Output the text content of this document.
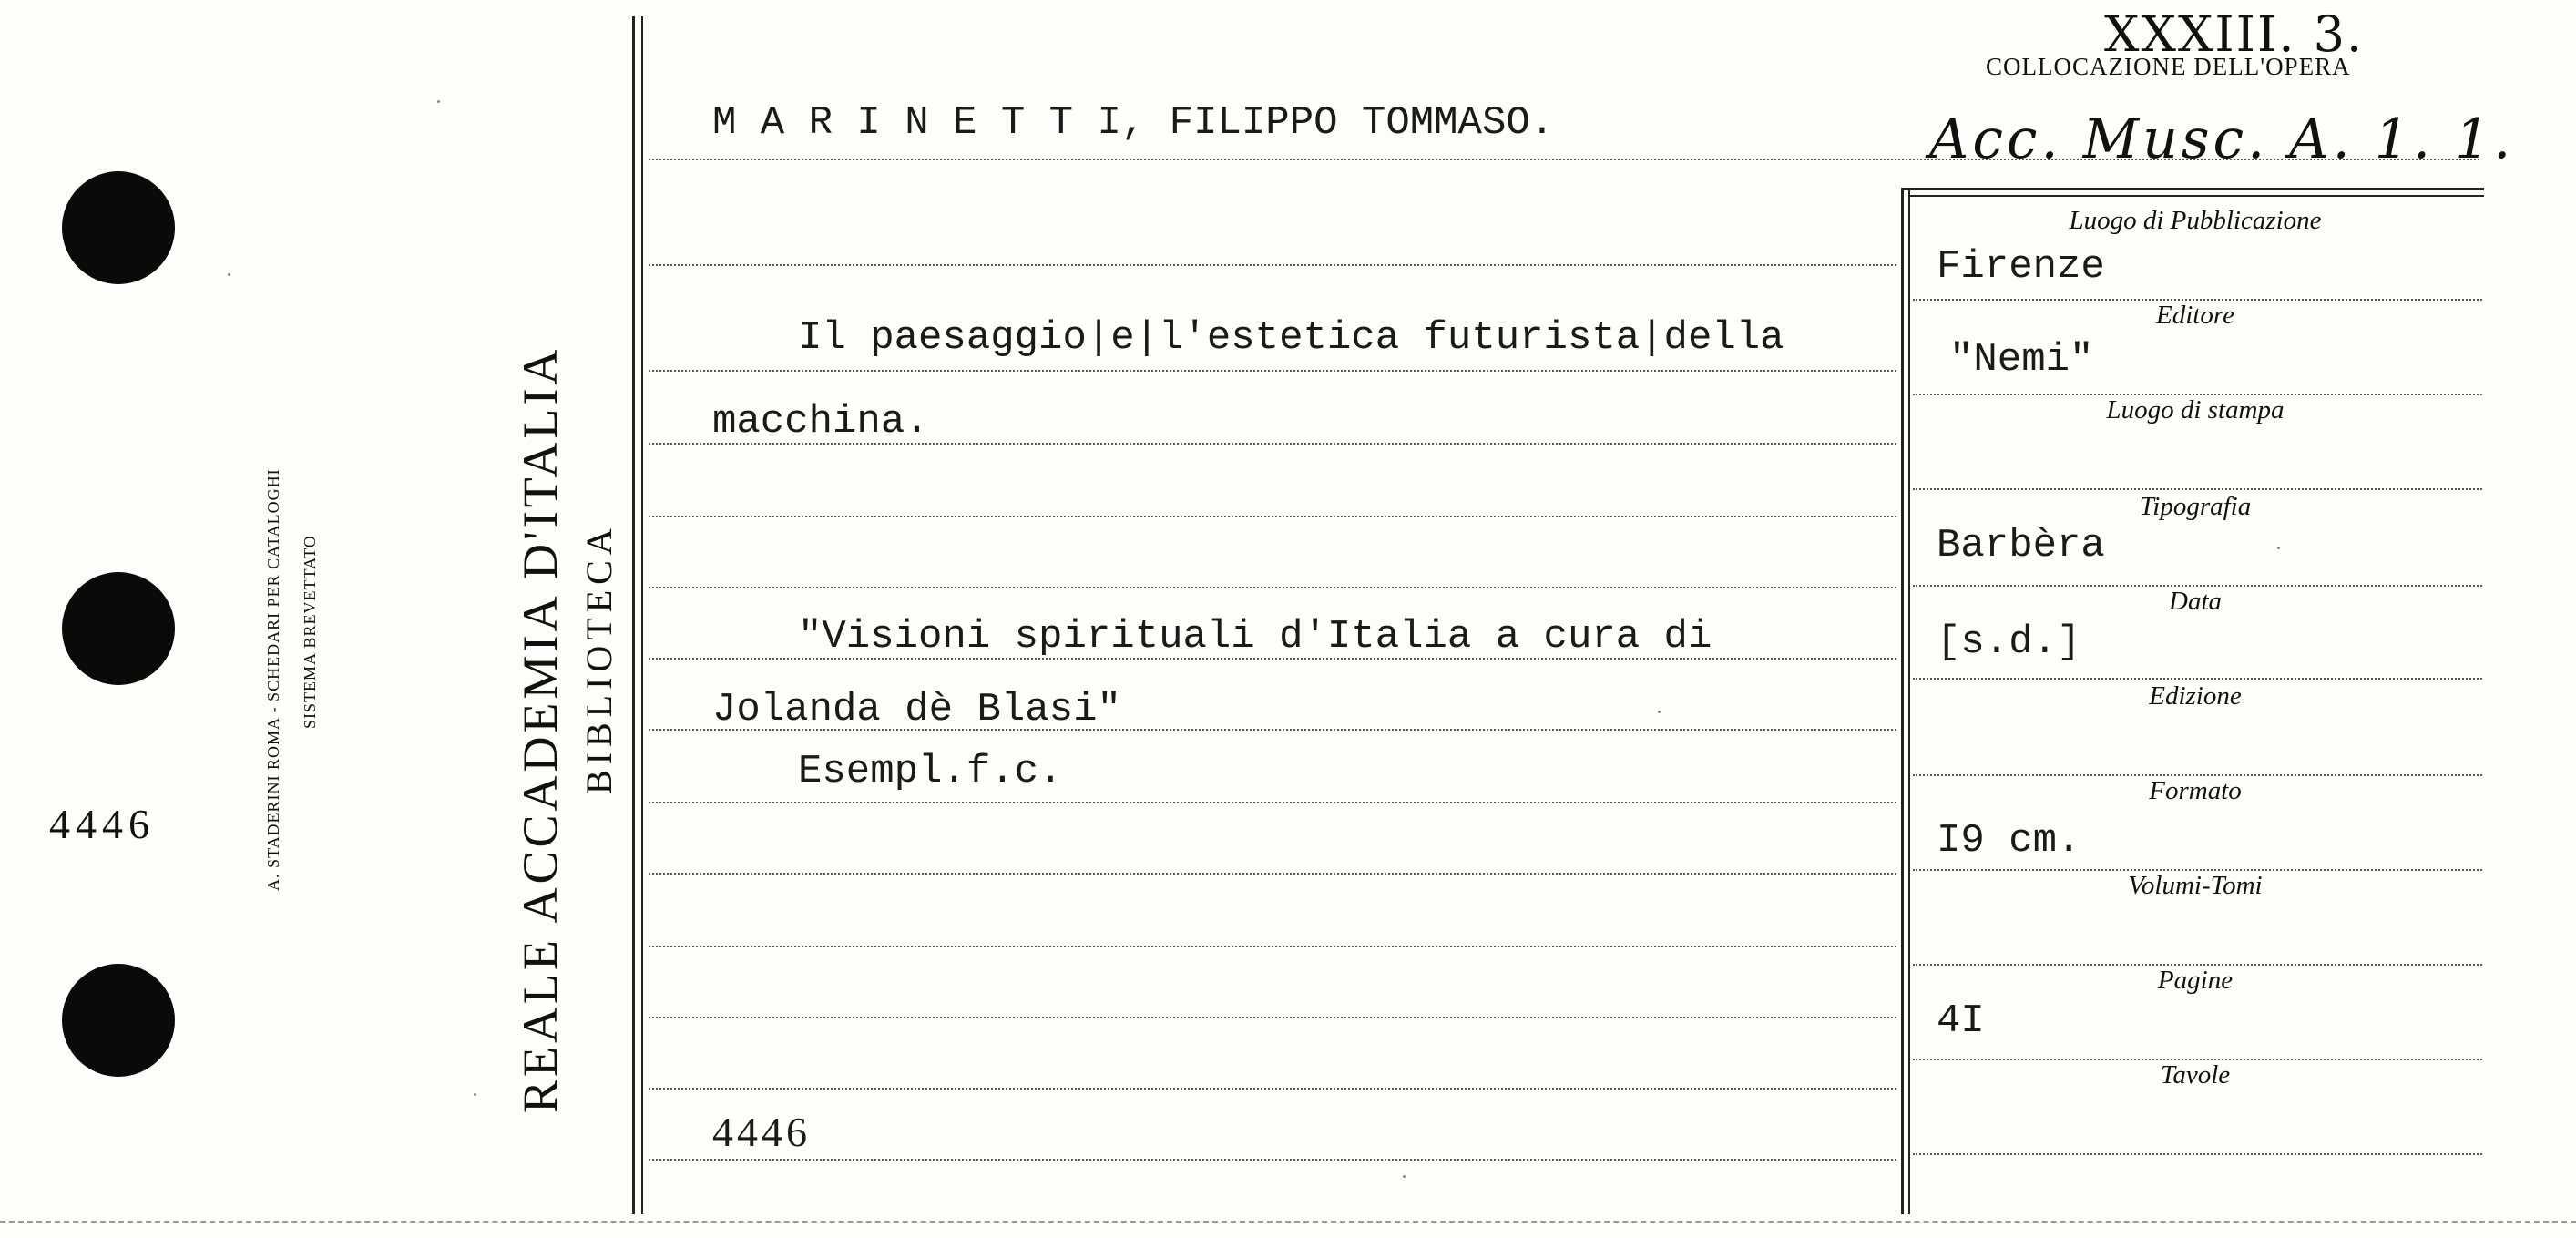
4446	A. STADERINI ROMA - SCHEDARI PER CATALOGHI SISTEMA BREVETTATO	REALE ACCADEMIA D'ITALIA BIBLIOTECA
XXXIII. 3.
COLLOCAZIONE DELL'OPERA
Acc. Musc. A. 1. 1.
M A R I N E T T I, FILIPPO TOMMASO.
Il paesaggio|e|l'estetica futurista|della
macchina.
"Visioni spirituali d'Italia a cura di
Jolanda dè Blasi"
Esempl.f.c.
4446
Luogo di Pubblicazione
Editore
Luogo di stampa
Tipografia
Data
Edizione
Formato
Volumi-Tomi
Pagine
Tavole
Firenze
"Nemi"
Barbèra
[s.d.]
I9 cm.
4I
